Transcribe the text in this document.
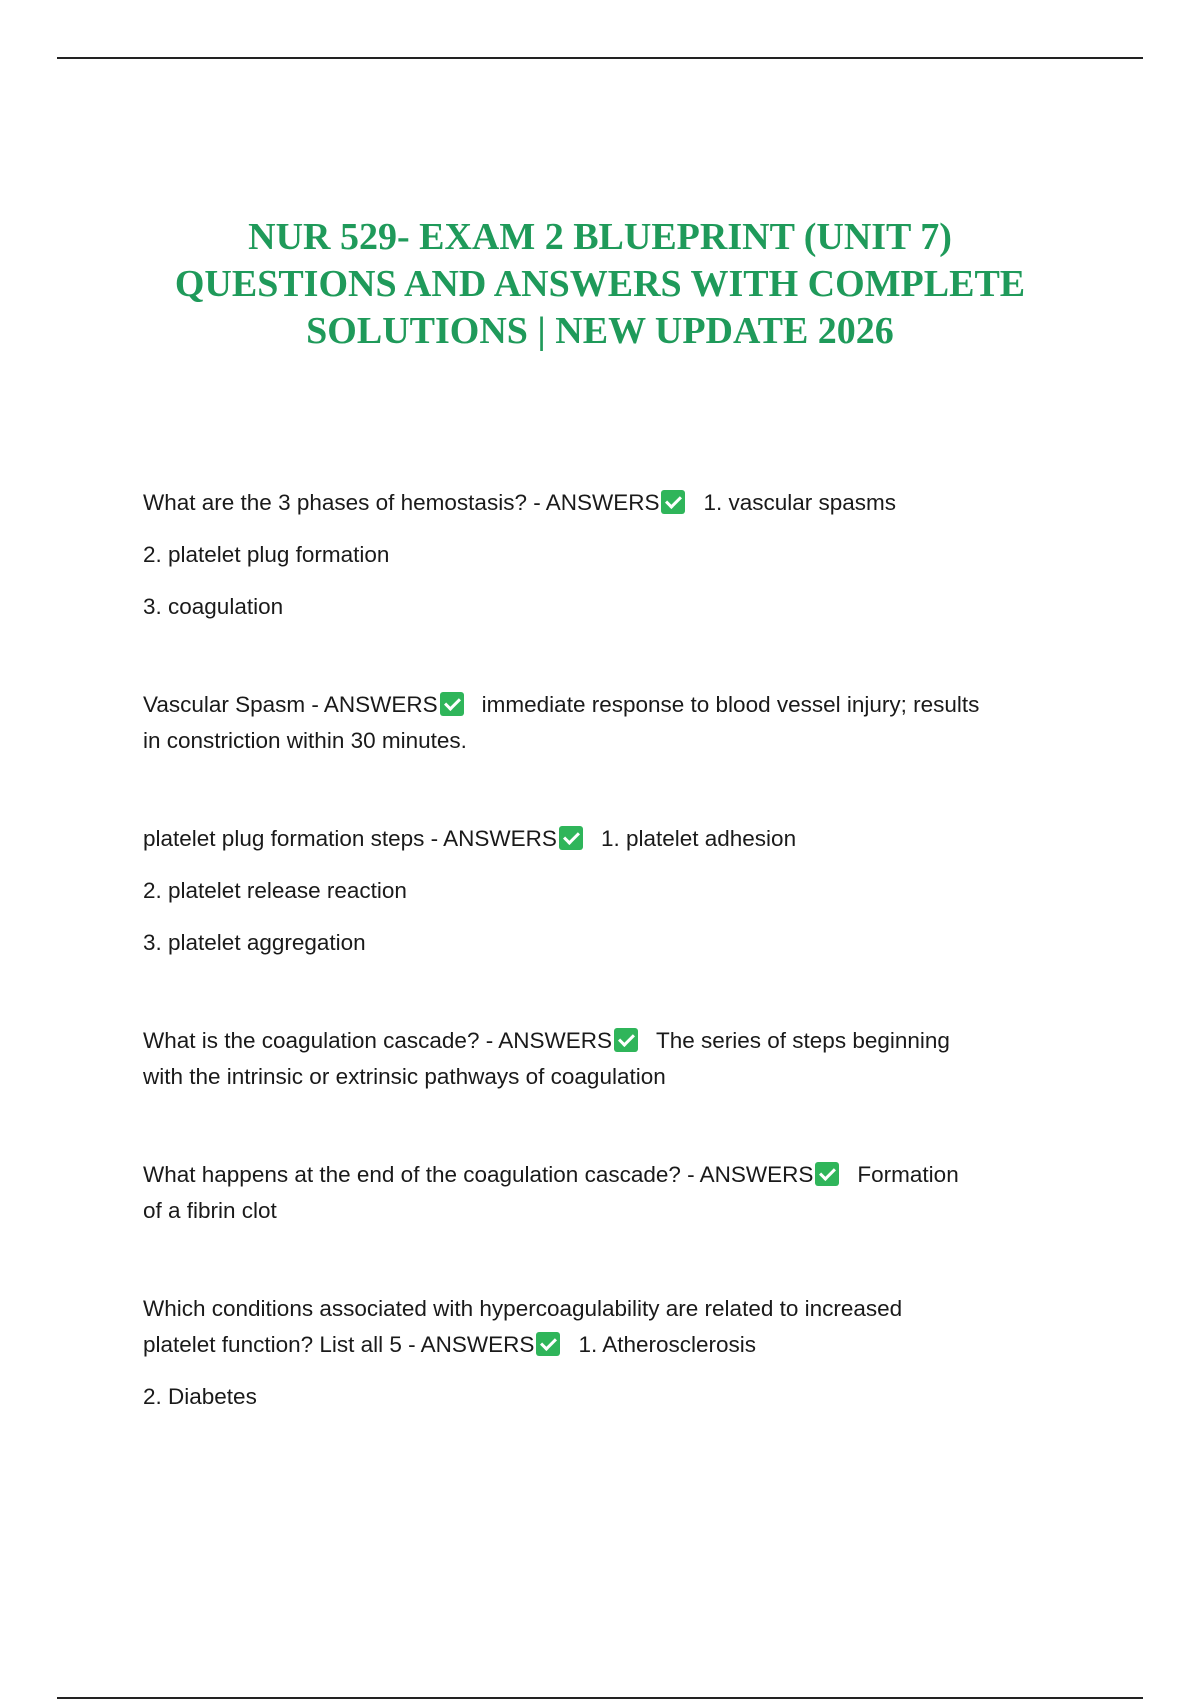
NUR 529- EXAM 2 BLUEPRINT (UNIT 7)
QUESTIONS AND ANSWERS WITH COMPLETE
SOLUTIONS | NEW UPDATE 2026

What are the 3 phases of hemostasis? - ANSWERS 1. vascular spasms

2. platelet plug formation

3. coagulation

Vascular Spasm - ANSWERS immediate response to blood vessel injury; results

in constriction within 30 minutes.

platelet plug formation steps - ANSWERS 1. platelet adhesion

2. platelet release reaction

3. platelet aggregation

What is the coagulation cascade? - ANSWERS The series of steps beginning

with the intrinsic or extrinsic pathways of coagulation

What happens at the end of the coagulation cascade? - ANSWERS Formation

of a fibrin clot

Which conditions associated with hypercoagulability are related to increased

platelet function? List all 5 - ANSWERS 1. Atherosclerosis

2. Diabetes
